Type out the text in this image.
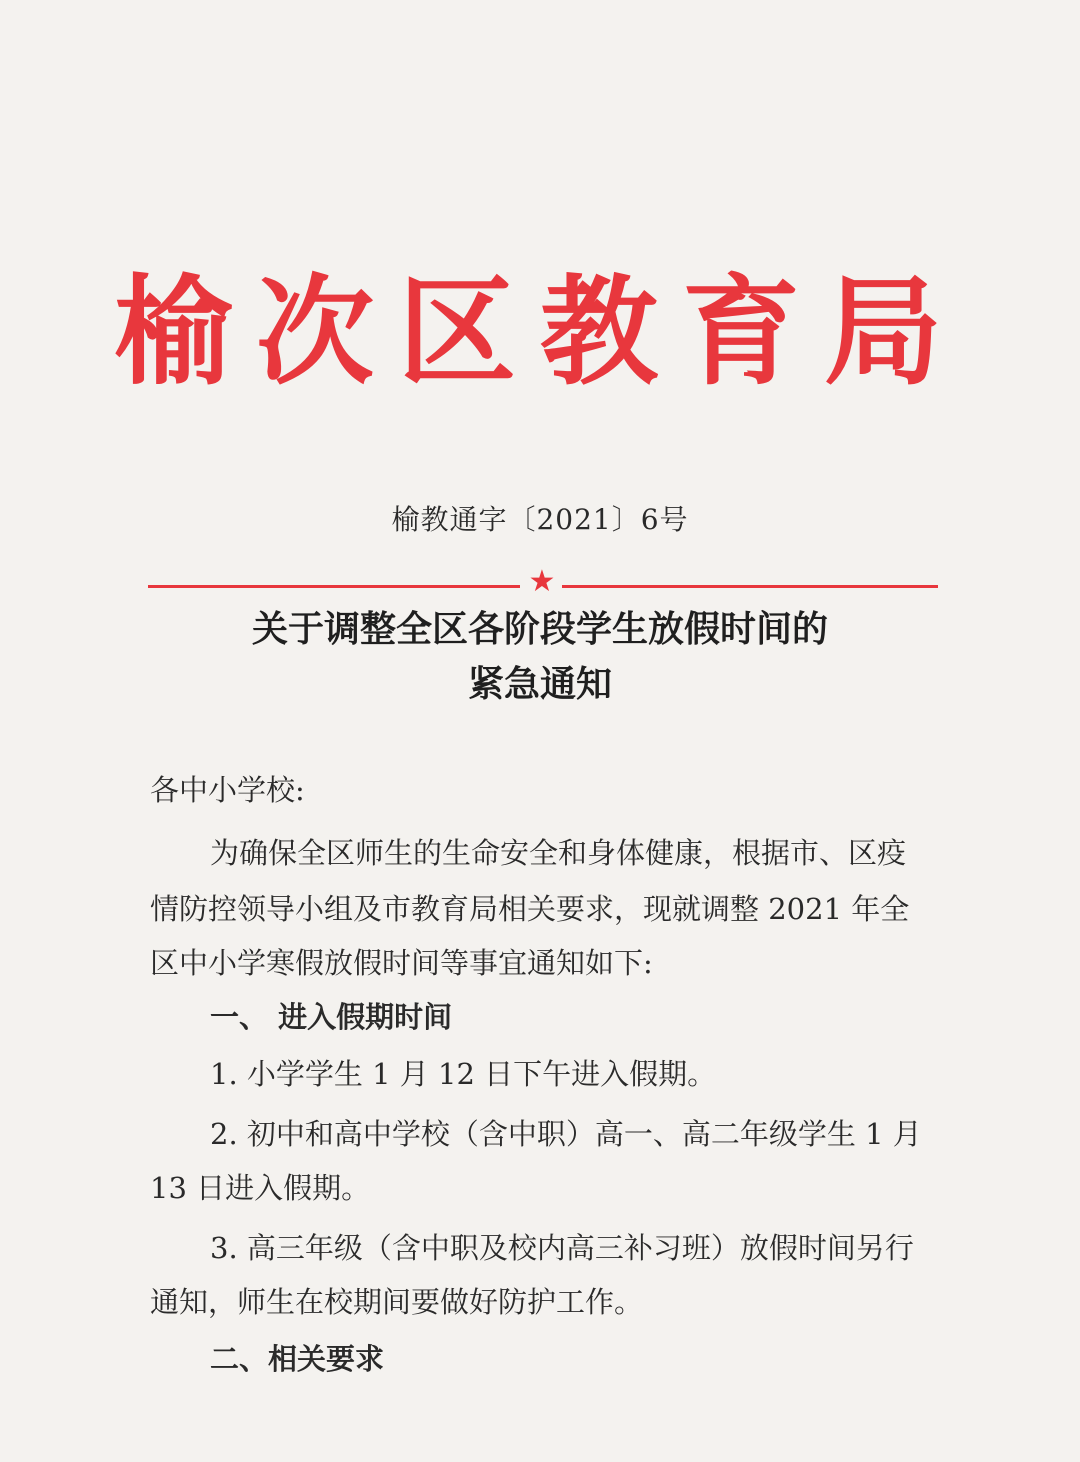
榆次区教育局
榆教通字〔2021〕6号
★
关于调整全区各阶段学生放假时间的
紧急通知
各中小学校:
为确保全区师生的生命安全和身体健康，根据市、区疫
情防控领导小组及市教育局相关要求，现就调整 2021 年全
区中小学寒假放假时间等事宜通知如下:
一、 进入假期时间
1. 小学学生 1 月 12 日下午进入假期。
2. 初中和高中学校（含中职）高一、高二年级学生 1 月
13 日进入假期。
3. 高三年级（含中职及校内高三补习班）放假时间另行
通知，师生在校期间要做好防护工作。
二、相关要求
